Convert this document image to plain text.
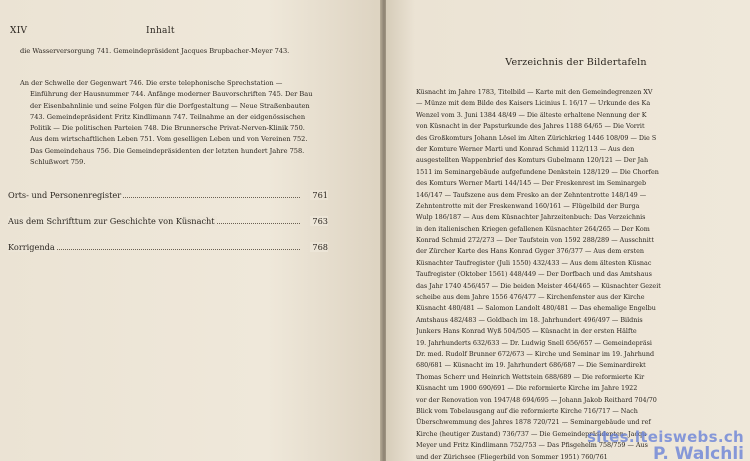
XIV	Inhalt

die Wasserversorgung 741. Gemeindepräsident Jacques Brupbacher-Meyer 743.

An der Schwelle der Gegenwart 746. Die erste telephonische Sprechstation — Einführung der Hausnummer 744. Anfänge moderner Bauvorschriften 745. Der Bau der Eisenbahnlinie und seine Folgen für die Dorfgestaltung — Neue Straßenbauten 743. Gemeindepräsident Fritz Kindlimann 747. Teilnahme an der eidgenössischen Politik — Die politischen Parteien 748. Die Brunnersche Privat-Nerven-Klinik 750. Aus dem wirtschaftlichen Leben 751. Vom geselligen Leben und von Vereinen 752. Das Gemeindehaus 756. Die Gemeindepräsidenten der letzten hundert Jahre 758. Schlußwort 759.

Orts- und Personenregister	761
Aus dem Schrifttum zur Geschichte von Küsnacht	763
Korrigenda	768
Verzeichnis der Bildertafeln
Küsnacht im Jahre 1783, Titelbild — Karte mit den Gemeindegrenzen XV
— Münze mit dem Bilde des Kaisers Licinius I. 16/17 — Urkunde des Ka
Wenzel vom 3. Juni 1384 48/49 — Die älteste erhaltene Nennung der K
von Küsnacht in der Papsturkunde des Jahres 1188 64/65 — Die Vorrit
des Großkomturs Johann Lösel im Alten Zürichkrieg 1446 108/09 — Die S
der Komture Werner Marti und Konrad Schmid 112/113 — Aus den
ausgestellten Wappenbrief des Komturs Gubelmann 120/121 — Der Jah
1511 im Seminargebäude aufgefundene Denkstein 128/129 — Die Chorfen
des Komturs Werner Marti 144/145 — Der Freskenrest im Seminargeb
146/147 — Taufszene aus dem Fresko an der Zehntentrotte 148/149 —
Zehntentrotte mit der Freskenwand 160/161 — Flügelbild der Burga
Wulp 186/187 — Aus dem Küsnachter Jahrzeitenbuch: Das Verzeichnis
in den italienischen Kriegen gefallenen Küsnachter 264/265 — Der Kom
Konrad Schmid 272/273 — Der Taufstein von 1592 288/289 — Ausschnitt
der Zürcher Karte des Hans Konrad Gyger 376/377 — Aus dem ersten
Küsnachter Taufregister (Juli 1550) 432/433 — Aus dem ältesten Küsnac
Taufregister (Oktober 1561) 448/449 — Der Dorfbach und das Amtshaus
das Jahr 1740 456/457 — Die beiden Meister 464/465 — Küsnachter Gezeit
scheibe aus dem Jahre 1556 476/477 — Kirchenfenster aus der Kirche
Küsnacht 480/481 — Salomon Landolt 480/481 — Das ehemalige Engelbu
Amtshaus 482/483 — Goldbach im 18. Jahrhundert 496/497 — Bildnis
Junkers Hans Konrad Wyß 504/505 — Küsnacht in der ersten Hälfte
19. Jahrhunderts 632/633 — Dr. Ludwig Snell 656/657 — Gemeindepräsi
Dr. med. Rudolf Brunner 672/673 — Kirche und Seminar im 19. Jahrhund
680/681 — Küsnacht im 19. Jahrhundert 686/687 — Die Seminardirekt
Thomas Scherr und Heinrich Wettstein 688/689 — Die reformierte Kir
Küsnacht um 1900 690/691 — Die reformierte Kirche im Jahre 1922
vor der Renovation von 1947/48 694/695 — Johann Jakob Reithard 704/70
Blick vom Tobelausgang auf die reformierte Kirche 716/717 — Nach
Überschwemmung des Jahres 1878 720/721 — Seminargebäude und ref
Kirche (heutiger Zustand) 736/737 — Die Gemeindepräsidenten: Jacqu
Meyer und Fritz Kindlimann 752/753 — Das Pfisgehelm 758/759 — Aus
und der Zürichsee (Fliegerbild von Sommer 1951) 760/761
sites.lteiswebs.ch
P. Walchli
